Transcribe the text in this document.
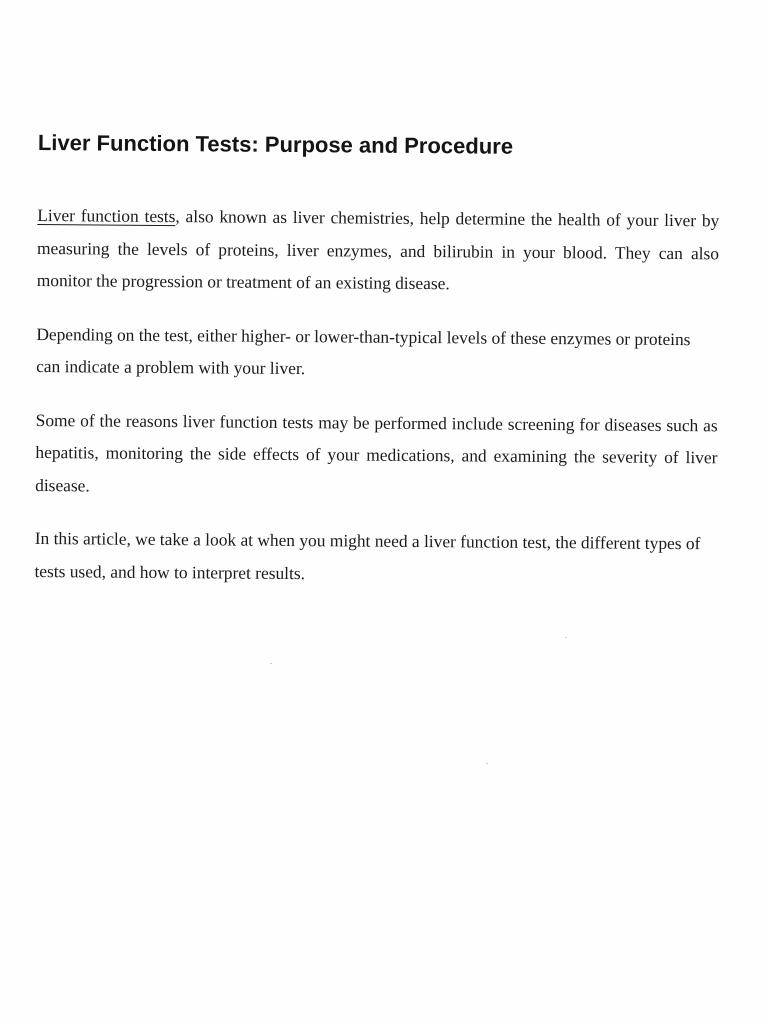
Liver Function Tests: Purpose and Procedure

Liver function tests, also known as liver chemistries, help determine the health of your liver by measuring the levels of proteins, liver enzymes, and bilirubin in your blood. They can also monitor the progression or treatment of an existing disease.

Depending on the test, either higher- or lower-than-typical levels of these enzymes or proteins can indicate a problem with your liver.

Some of the reasons liver function tests may be performed include screening for diseases such as hepatitis, monitoring the side effects of your medications, and examining the severity of liver disease.

In this article, we take a look at when you might need a liver function test, the different types of tests used, and how to interpret results.
